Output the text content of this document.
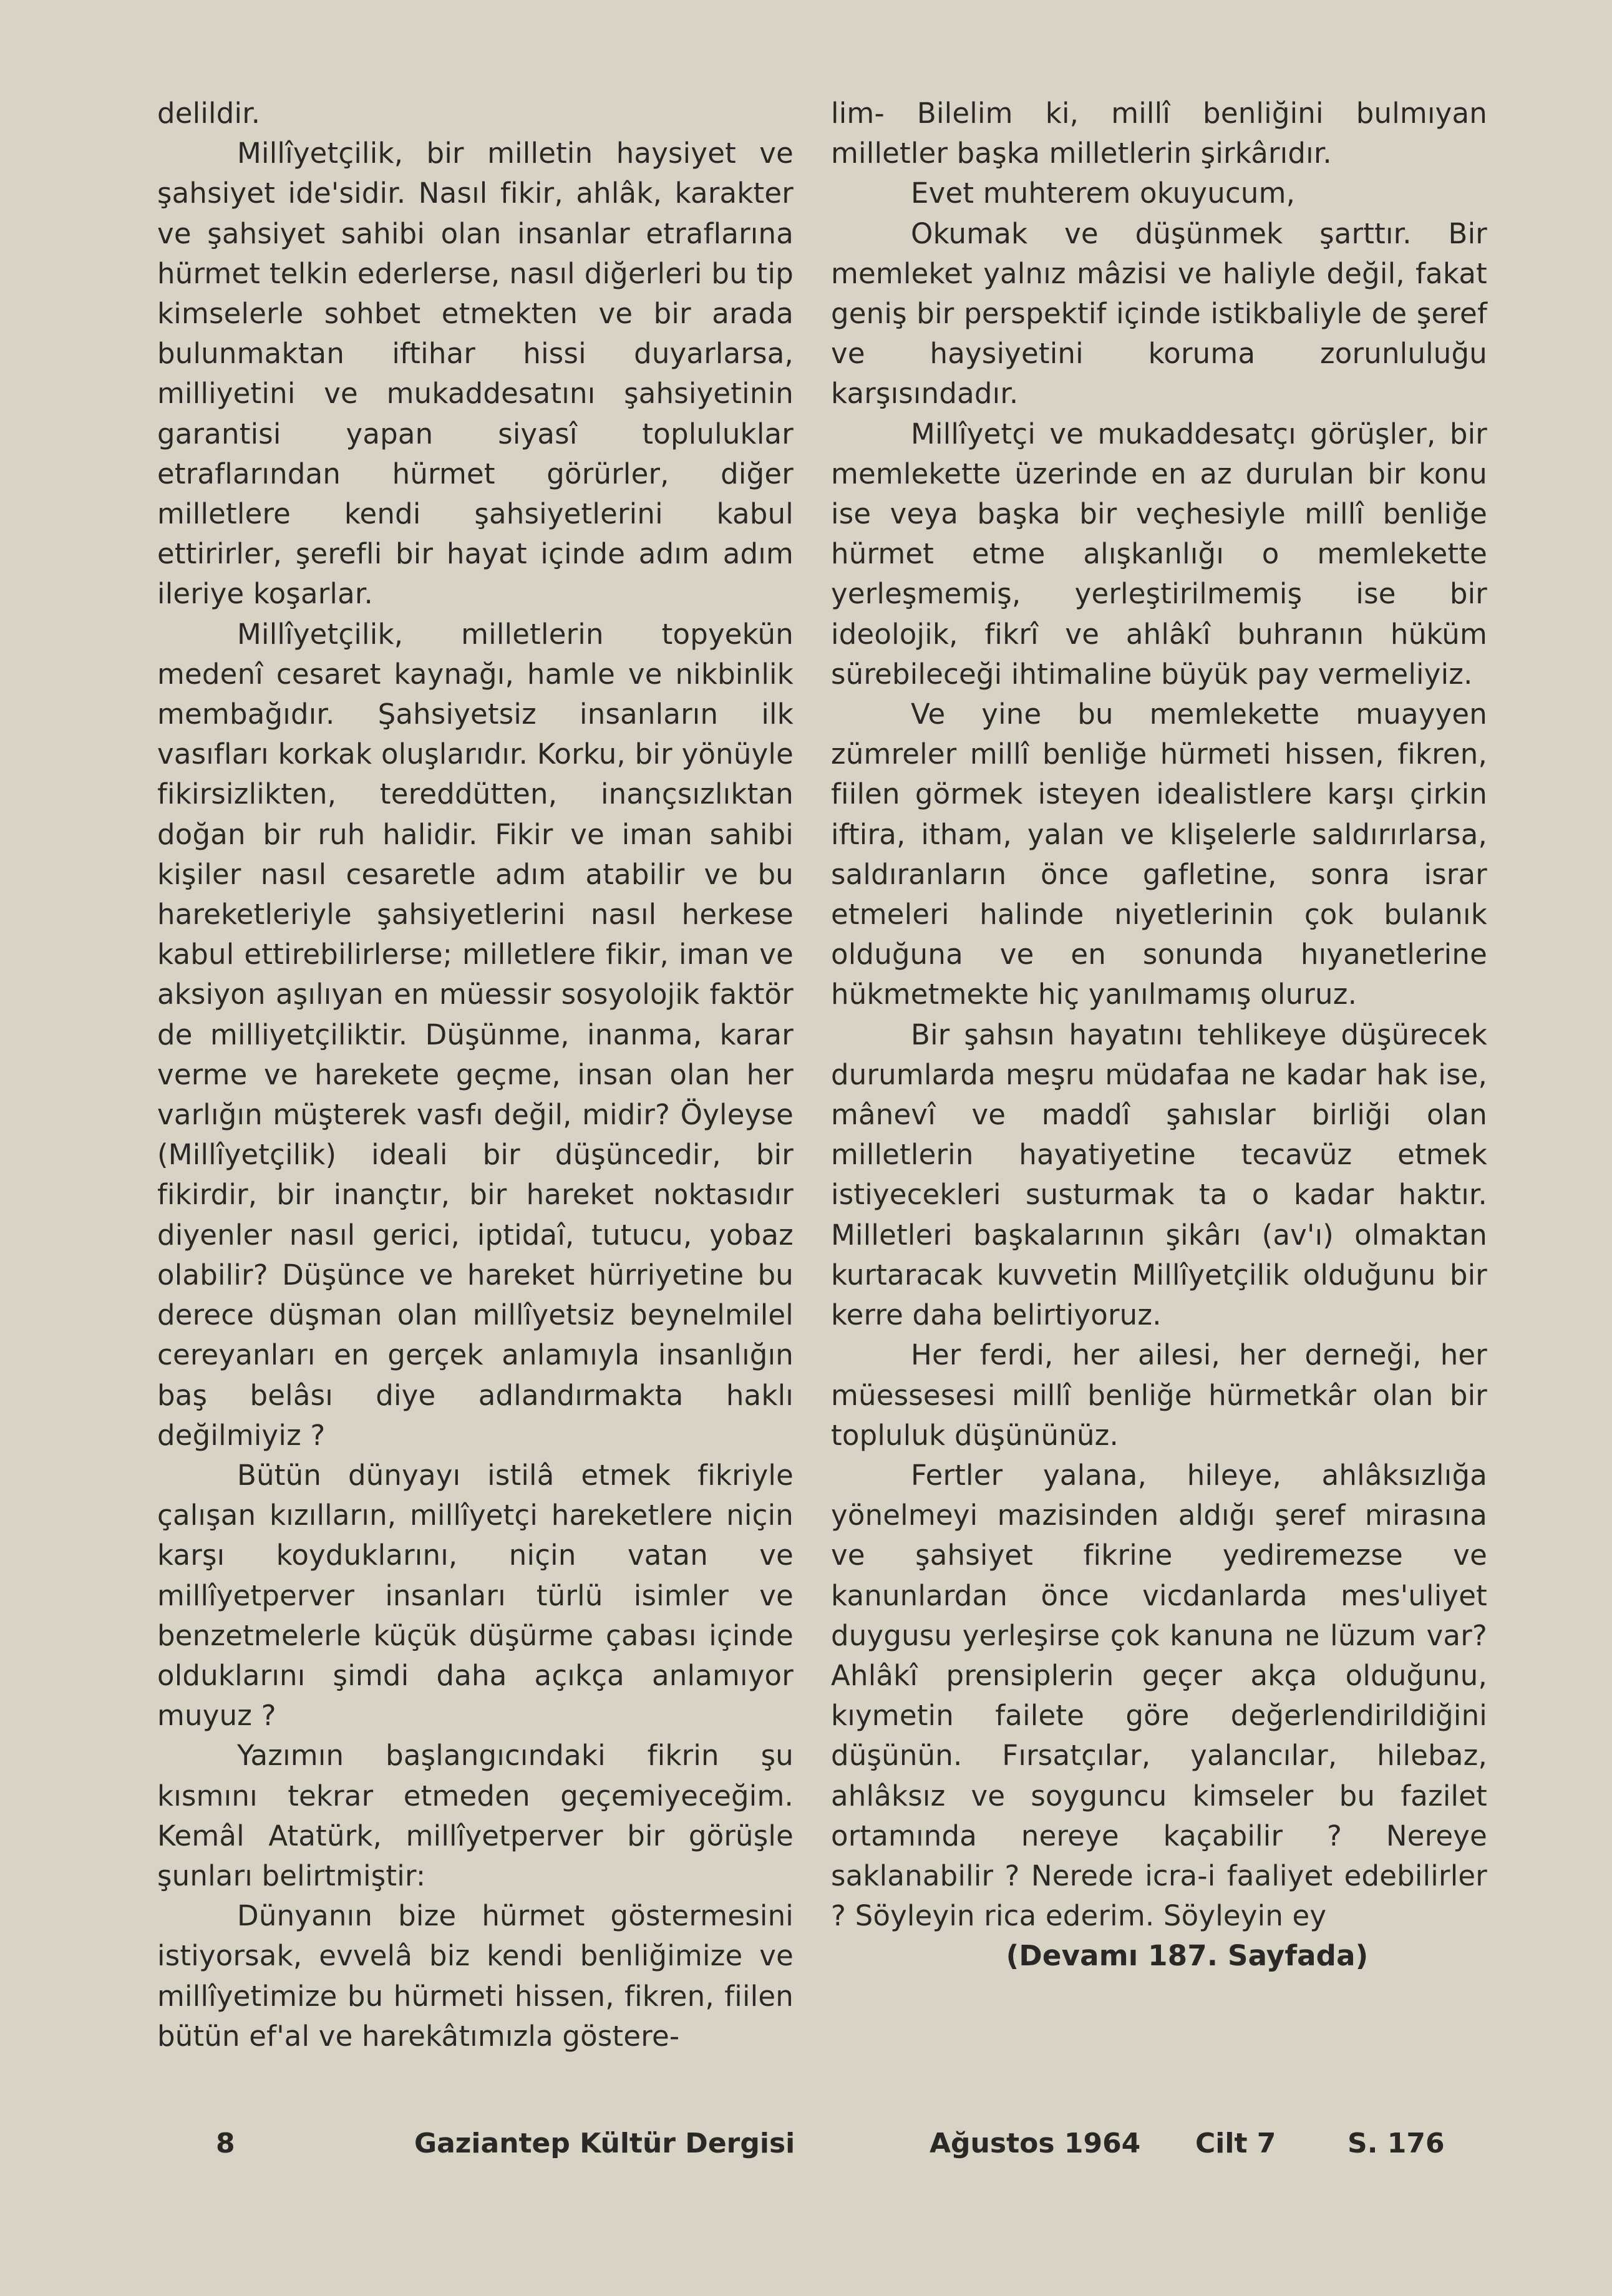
delildir.

Millîyetçilik, bir milletin haysiyet ve şahsiyet ide'sidir. Nasıl fikir, ahlâk, karakter ve şahsiyet sahibi olan insanlar etraflarına hürmet telkin ederlerse, nasıl diğerleri bu tip kimselerle sohbet etmekten ve bir arada bulunmaktan iftihar hissi duyarlarsa, milliyetini ve mukaddesatını şahsiyetinin garantisi yapan siyasî topluluklar etraflarından hürmet görürler, diğer milletlere kendi şahsiyetlerini kabul ettirirler, şerefli bir hayat içinde adım adım ileriye koşarlar.

Millîyetçilik, milletlerin topyekün medenî cesaret kaynağı, hamle ve nikbinlik membağıdır. Şahsiyetsiz insanların ilk vasıfları korkak oluşlarıdır. Korku, bir yönüyle fikirsizlikten, tereddütten, inançsızlıktan doğan bir ruh halidir. Fikir ve iman sahibi kişiler nasıl cesaretle adım atabilir ve bu hareketleriyle şahsiyetlerini nasıl herkese kabul ettirebilirlerse; milletlere fikir, iman ve aksiyon aşılıyan en müessir sosyolojik faktör de milliyetçiliktir. Düşünme, inanma, karar verme ve harekete geçme, insan olan her varlığın müşterek vasfı değil, midir? Öyleyse (Millîyetçilik) ideali bir düşüncedir, bir fikirdir, bir inançtır, bir hareket noktasıdır diyenler nasıl gerici, iptidaî, tutucu, yobaz olabilir? Düşünce ve hareket hürriyetine bu derece düşman olan millîyetsiz beynelmilel cereyanları en gerçek anlamıyla insanlığın baş belâsı diye adlandırmakta haklı değilmiyiz ?

Bütün dünyayı istilâ etmek fikriyle çalışan kızılların, millîyetçi hareketlere niçin karşı koyduklarını, niçin vatan ve millîyetperver insanları türlü isimler ve benzetmelerle küçük düşürme çabası içinde olduklarını şimdi daha açıkça anlamıyor muyuz ?

Yazımın başlangıcındaki fikrin şu kısmını tekrar etmeden geçemiyeceğim. Kemâl Atatürk, millîyetperver bir görüşle şunları belirtmiştir:

Dünyanın bize hürmet göstermesini istiyorsak, evvelâ biz kendi benliğimize ve millîyetimize bu hürmeti hissen, fikren, fiilen bütün ef'al ve harekâtımızla göstere-

lim- Bilelim ki, millî benliğini bulmıyan milletler başka milletlerin şirkârıdır.

Evet muhterem okuyucum,

Okumak ve düşünmek şarttır. Bir memleket yalnız mâzisi ve haliyle değil, fakat geniş bir perspektif içinde istikbaliyle de şeref ve haysiyetini koruma zorunluluğu karşısındadır.

Millîyetçi ve mukaddesatçı görüşler, bir memlekette üzerinde en az durulan bir konu ise veya başka bir veçhesiyle millî benliğe hürmet etme alışkanlığı o memlekette yerleşmemiş, yerleştirilmemiş ise bir ideolojik, fikrî ve ahlâkî buhranın hüküm sürebileceği ihtimaline büyük pay vermeliyiz.

Ve yine bu memlekette muayyen zümreler millî benliğe hürmeti hissen, fikren, fiilen görmek isteyen idealistlere karşı çirkin iftira, itham, yalan ve klişelerle saldırırlarsa, saldıranların önce gafletine, sonra israr etmeleri halinde niyetlerinin çok bulanık olduğuna ve en sonunda hıyanetlerine hükmetmekte hiç yanılmamış oluruz.

Bir şahsın hayatını tehlikeye düşürecek durumlarda meşru müdafaa ne kadar hak ise, mânevî ve maddî şahıslar birliği olan milletlerin hayatiyetine tecavüz etmek istiyecekleri susturmak ta o kadar haktır. Milletleri başkalarının şikârı (av'ı) olmaktan kurtaracak kuvvetin Millîyetçilik olduğunu bir kerre daha belirtiyoruz.

Her ferdi, her ailesi, her derneği, her müessesesi millî benliğe hürmetkâr olan bir topluluk düşününüz.

Fertler yalana, hileye, ahlâksızlığa yönelmeyi mazisinden aldığı şeref mirasına ve şahsiyet fikrine yediremezse ve kanunlardan önce vicdanlarda mes'uliyet duygusu yerleşirse çok kanuna ne lüzum var? Ahlâkî prensiplerin geçer akça olduğunu, kıymetin failete göre değerlendirildiğini düşünün. Fırsatçılar, yalancılar, hilebaz, ahlâksız ve soyguncu kimseler bu fazilet ortamında nereye kaçabilir ? Nereye saklanabilir ? Nerede icra-i faaliyet edebilirler ? Söyleyin rica ederim. Söyleyin ey

(Devamı 187. Sayfada)

8	Gaziantep Kültür Dergisi	Ağustos 1964 Cilt 7	S. 176
